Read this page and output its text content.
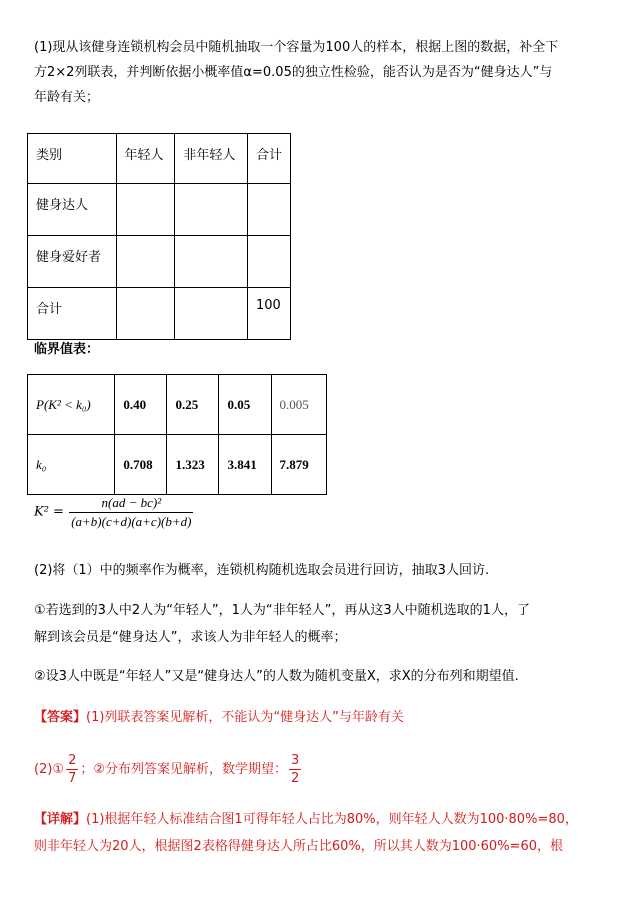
(1)现从该健身连锁机构会员中随机抽取一个容量为100人的样本，根据上图的数据，补全下
方2×2列联表，并判断依据小概率值α=0.05的独立性检验，能否认为是否为“健身达人”与
年龄有关；
类别	年轻人	非年轻人	合计
健身达人			
健身爱好者			
合计			100
临界值表：
P(K² < k₀)	0.40	0.25	0.05	0.005
k₀	0.708	1.323	3.841	7.879
$K^2 = \frac{\text{n(ad − bc)²}}{(a+b)(c+d)(a+c)(b+d)}$
(2)将（1）中的频率作为概率，连锁机构随机选取会员进行回访，抽取3人回访.
①若选到的3人中2人为“年轻人”，1人为“非年轻人”，再从这3人中随机选取的1人，了
解到该会员是“健身达人”，求该人为非年轻人的概率；
②设3人中既是“年轻人”又是“健身达人”的人数为随机变量X，求X的分布列和期望值.
【答案】(1)列联表答案见解析，不能认为“健身达人”与年龄有关
(2)① $\frac{2}{7}$ ；②分布列答案见解析，数学期望： $\frac{3}{2}$
【详解】(1)根据年轻人标准结合图1可得年轻人占比为80%，则年轻人人数为100·80%=80，
则非年轻人为20人，根据图2表格得健身达人所占比60%，所以其人数为100·60%=60，根
